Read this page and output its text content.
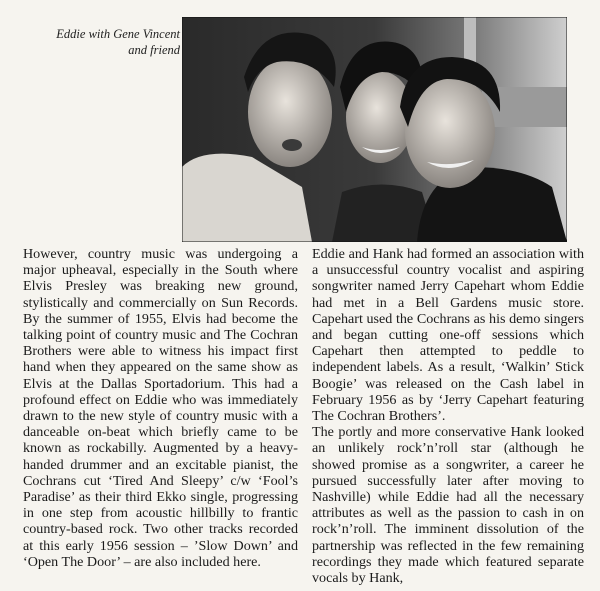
Eddie with Gene Vincent
and friend

However, country music was undergoing a major upheaval, especially in the South where Elvis Presley was breaking new ground, stylistically and commercially on Sun Records. By the summer of 1955, Elvis had become the talking point of country music and The Cochran Brothers were able to witness his impact first hand when they appeared on the same show as Elvis at the Dallas Sportadorium. This had a profound effect on Eddie who was immediately drawn to the new style of country music with a danceable on-beat which briefly came to be known as rockabilly. Augmented by a heavy-handed drummer and an excitable pianist, the Cochrans cut ‘Tired And Sleepy’ c/w ‘Fool’s Paradise’ as their third Ekko single, progressing in one step from acoustic hillbilly to frantic country-based rock. Two other tracks recorded at this early 1956 session – ’Slow Down’ and ‘Open The Door’ – are also included here.

Eddie and Hank had formed an association with a unsuccessful country vocalist and aspiring songwriter named Jerry Capehart whom Eddie had met in a Bell Gardens music store. Capehart used the Cochrans as his demo singers and began cutting one-off sessions which Capehart then attempted to peddle to independent labels. As a result, ‘Walkin’ Stick Boogie’ was released on the Cash label in February 1956 as by ‘Jerry Capehart featuring The Cochran Brothers’.

The portly and more conservative Hank looked an unlikely rock’n’roll star (although he showed promise as a songwriter, a career he pursued successfully later after moving to Nashville) while Eddie had all the necessary attributes as well as the passion to cash in on rock’n’roll. The imminent dissolution of the partnership was reflected in the few remaining recordings they made which featured separate vocals by Hank,
